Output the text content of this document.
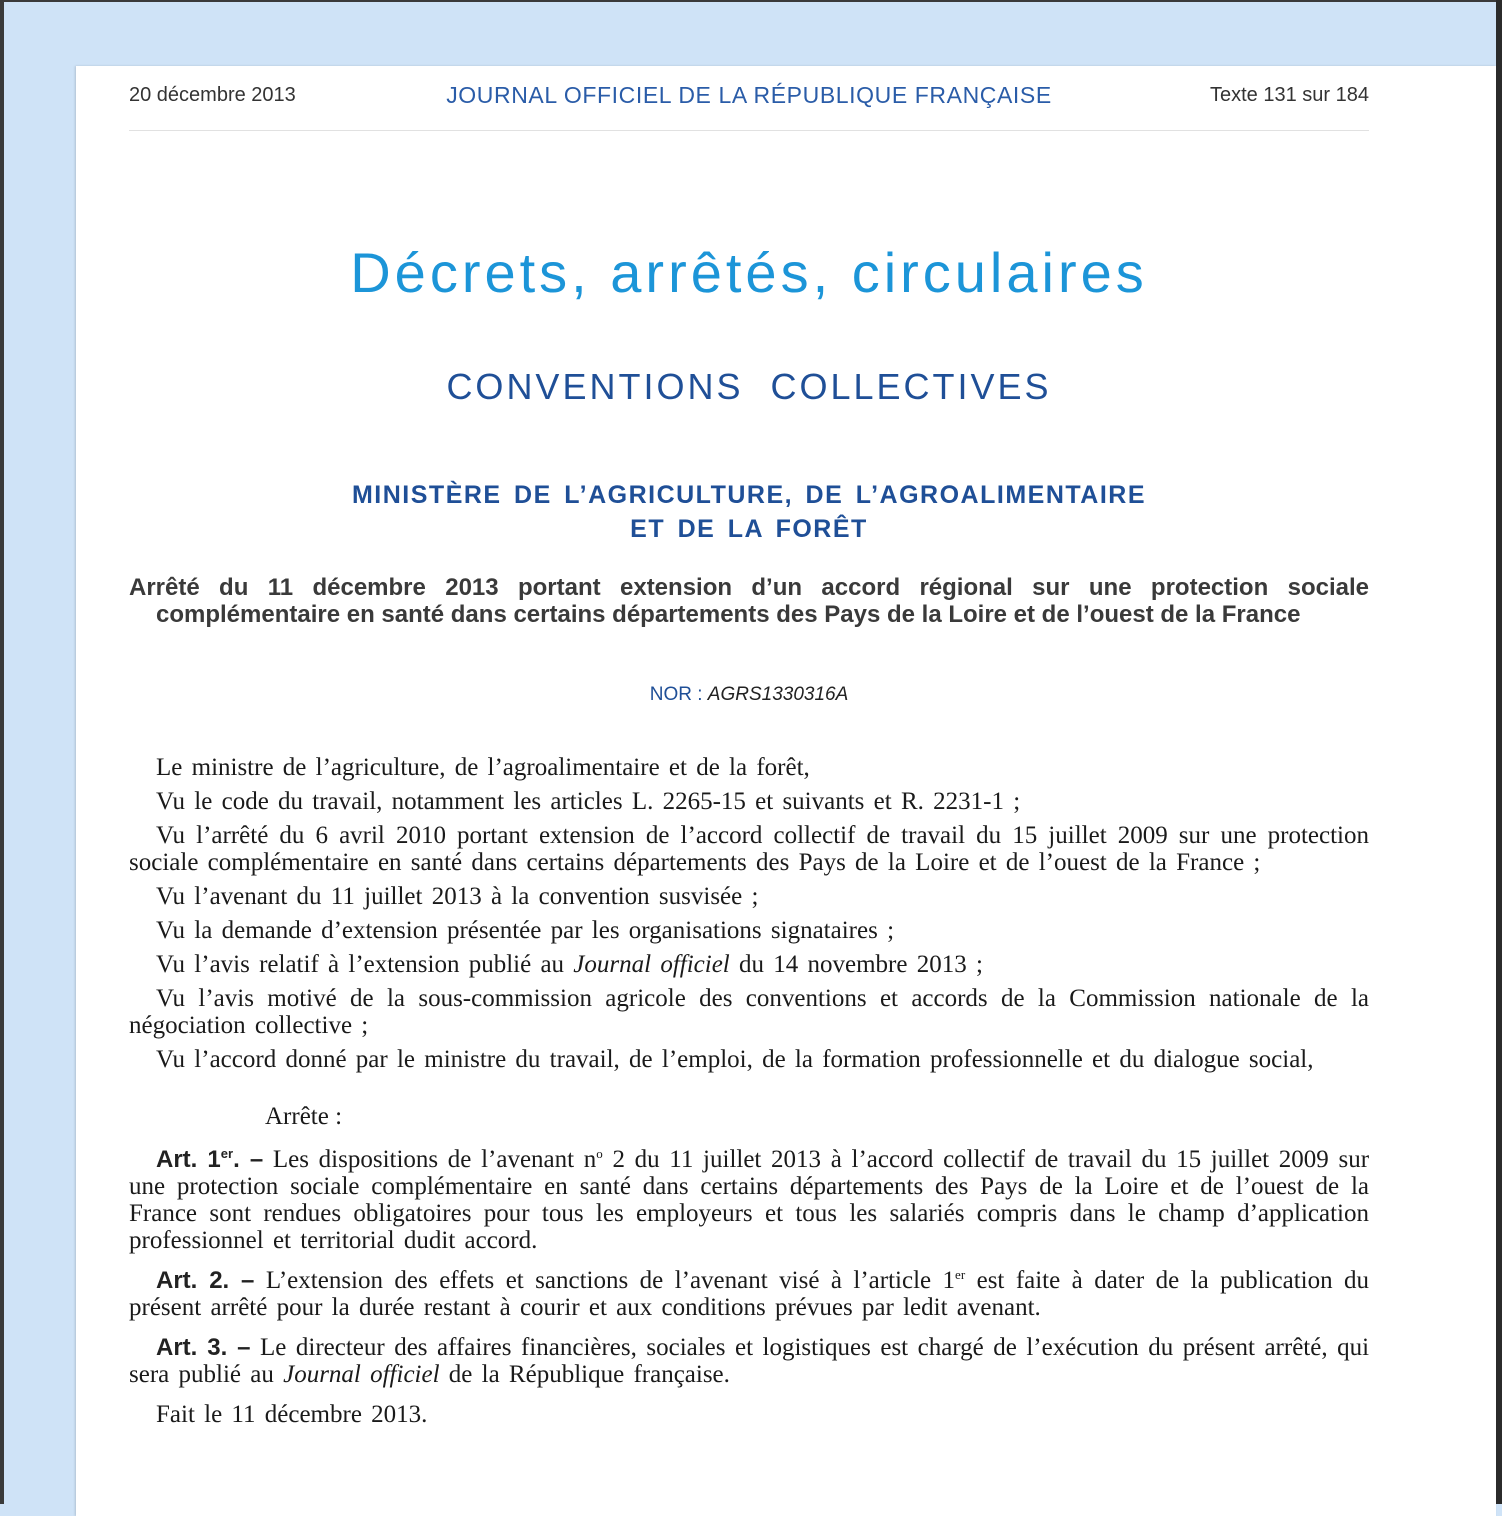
20 décembre 2013	JOURNAL OFFICIEL DE LA RÉPUBLIQUE FRANÇAISE	Texte 131 sur 184
Décrets, arrêtés, circulaires
CONVENTIONS COLLECTIVES
MINISTÈRE DE L’AGRICULTURE, DE L’AGROALIMENTAIRE
ET DE LA FORÊT
Arrêté du 11 décembre 2013 portant extension d’un accord régional sur une protection sociale complémentaire en santé dans certains départements des Pays de la Loire et de l’ouest de la France
NOR : AGRS1330316A

Le ministre de l’agriculture, de l’agroalimentaire et de la forêt,

Vu le code du travail, notamment les articles L. 2265-15 et suivants et R. 2231-1 ;

Vu l’arrêté du 6 avril 2010 portant extension de l’accord collectif de travail du 15 juillet 2009 sur une protection sociale complémentaire en santé dans certains départements des Pays de la Loire et de l’ouest de la France ;

Vu l’avenant du 11 juillet 2013 à la convention susvisée ;

Vu la demande d’extension présentée par les organisations signataires ;

Vu l’avis relatif à l’extension publié au Journal officiel du 14 novembre 2013 ;

Vu l’avis motivé de la sous-commission agricole des conventions et accords de la Commission nationale de la négociation collective ;

Vu l’accord donné par le ministre du travail, de l’emploi, de la formation professionnelle et du dialogue social,

Arrête :

Art. 1er. – Les dispositions de l’avenant $n^o$ 2 du 11 juillet 2013 à l’accord collectif de travail du 15 juillet 2009 sur une protection sociale complémentaire en santé dans certains départements des Pays de la Loire et de l’ouest de la France sont rendues obligatoires pour tous les employeurs et tous les salariés compris dans le champ d’application professionnel et territorial dudit accord.

Art. 2. – L’extension des effets et sanctions de l’avenant visé à l’article 1er est faite à dater de la publication du présent arrêté pour la durée restant à courir et aux conditions prévues par ledit avenant.

Art. 3. – Le directeur des affaires financières, sociales et logistiques est chargé de l’exécution du présent arrêté, qui sera publié au Journal officiel de la République française.

Fait le 11 décembre 2013.
